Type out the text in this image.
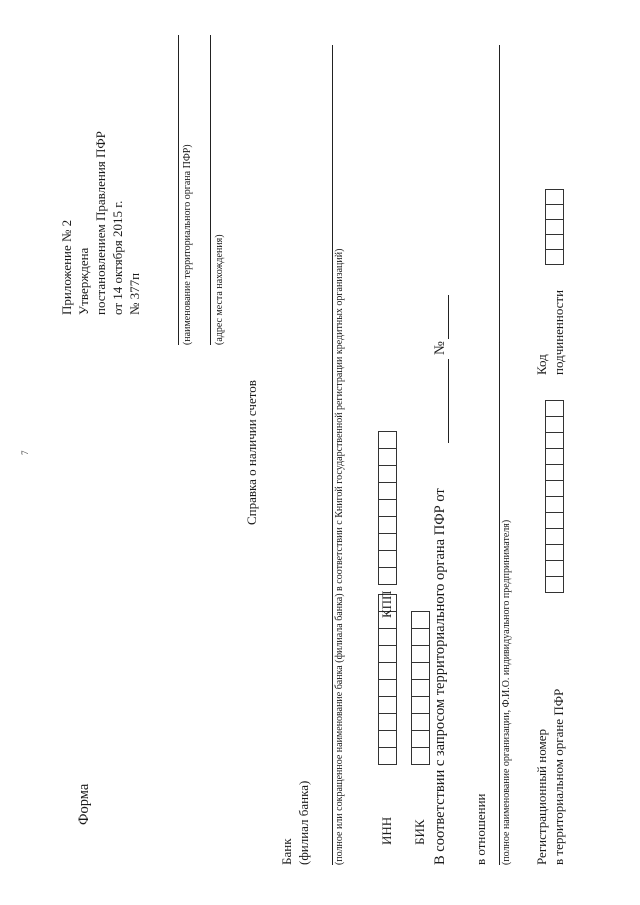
7
Приложение № 2 Утверждена постановлением Правления ПФР от 14 октября 2015 г. № 377п
Форма
(наименование территориального органа ПФР) (адрес места нахождения)
Справка о наличии счетов
Банк (филиал банка) (полное или сокращенное наименование банка (филиала банка) в соответствии с Книгой государственной регистрации кредитных организаций)	ИНН
КПП
БИК В соответствии с запросом территориального органа ПФР от
№
в отношении (полное наименование организации, Ф.И.О. индивидуального предпринимателя) Регистрационный номер в территориальном органе ПФР
Код подчиненности
